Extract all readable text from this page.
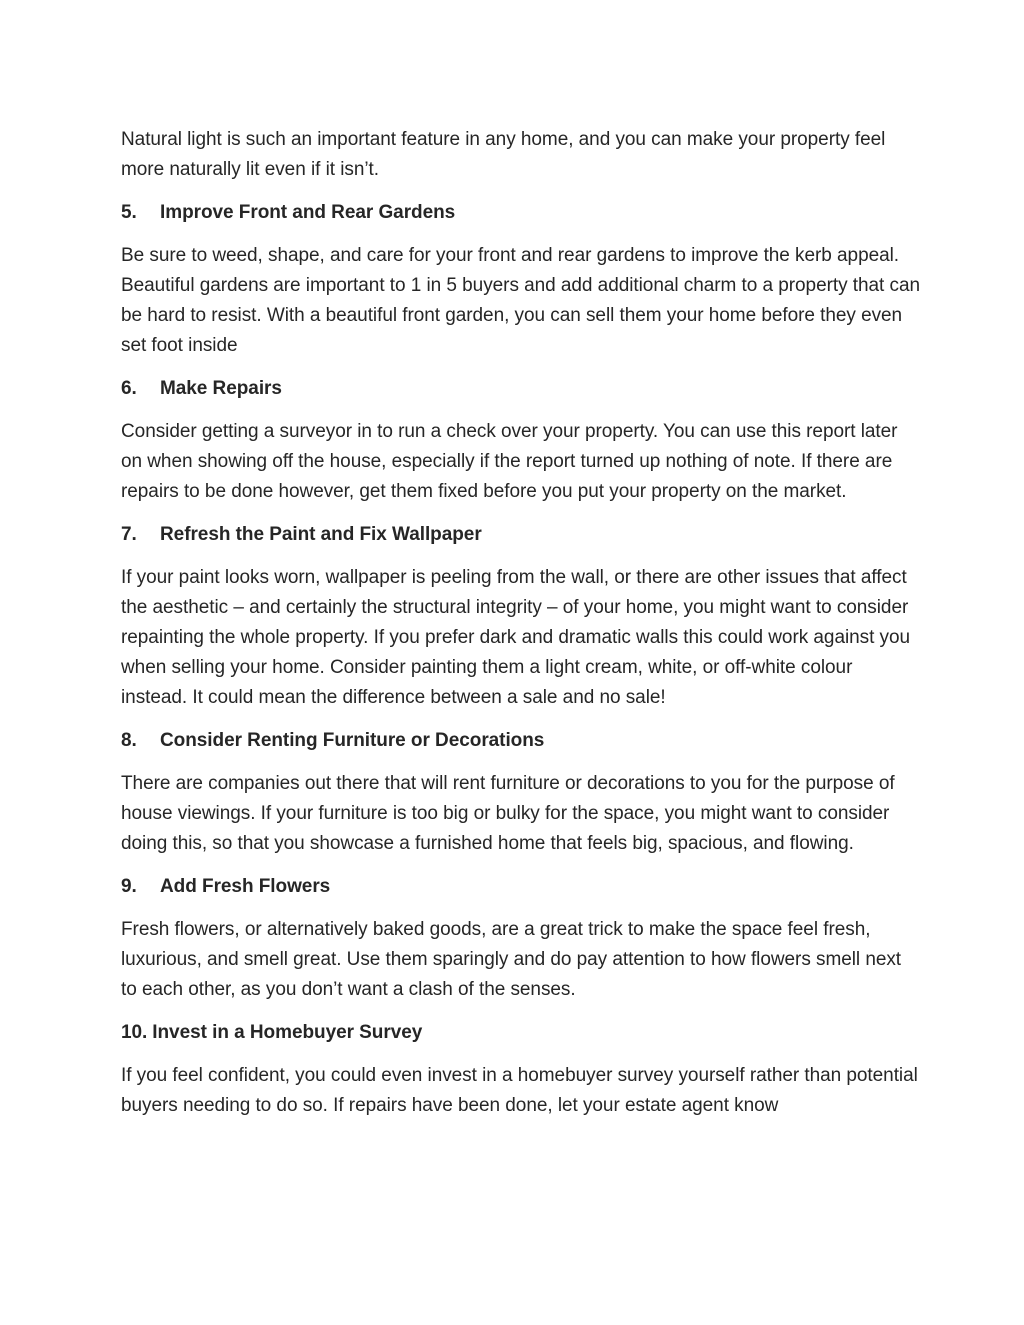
Natural light is such an important feature in any home, and you can make your property feel more naturally lit even if it isn’t.

5. Improve Front and Rear Gardens

Be sure to weed, shape, and care for your front and rear gardens to improve the kerb appeal. Beautiful gardens are important to 1 in 5 buyers and add additional charm to a property that can be hard to resist. With a beautiful front garden, you can sell them your home before they even set foot inside

6. Make Repairs

Consider getting a surveyor in to run a check over your property. You can use this report later on when showing off the house, especially if the report turned up nothing of note. If there are repairs to be done however, get them fixed before you put your property on the market.

7. Refresh the Paint and Fix Wallpaper

If your paint looks worn, wallpaper is peeling from the wall, or there are other issues that affect the aesthetic – and certainly the structural integrity – of your home, you might want to consider repainting the whole property. If you prefer dark and dramatic walls this could work against you when selling your home. Consider painting them a light cream, white, or off-white colour instead. It could mean the difference between a sale and no sale!

8. Consider Renting Furniture or Decorations

There are companies out there that will rent furniture or decorations to you for the purpose of house viewings. If your furniture is too big or bulky for the space, you might want to consider doing this, so that you showcase a furnished home that feels big, spacious, and flowing.

9. Add Fresh Flowers

Fresh flowers, or alternatively baked goods, are a great trick to make the space feel fresh, luxurious, and smell great. Use them sparingly and do pay attention to how flowers smell next to each other, as you don’t want a clash of the senses.

10. Invest in a Homebuyer Survey

If you feel confident, you could even invest in a homebuyer survey yourself rather than potential buyers needing to do so. If repairs have been done, let your estate agent know
